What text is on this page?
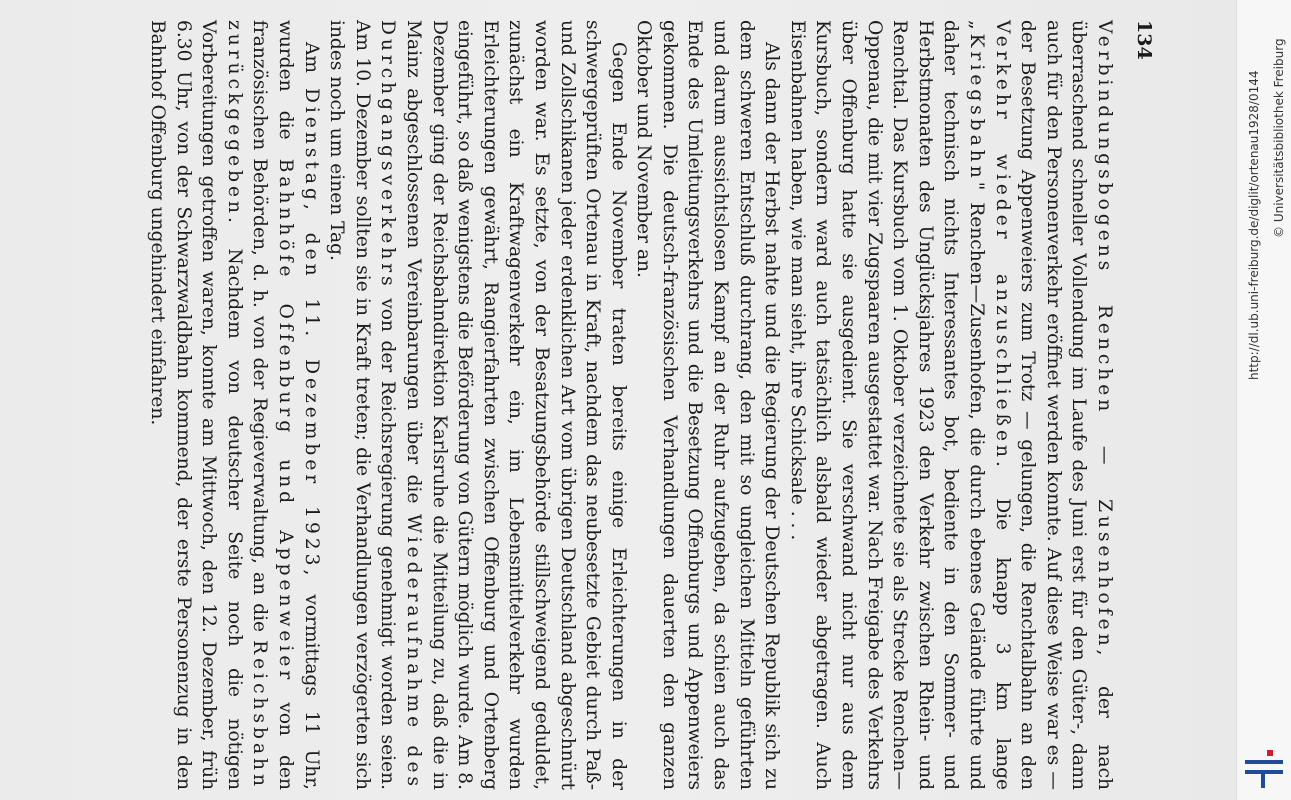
134

Verbindungsbogens Renchen — Zusenhofen, der nach überraschend schneller Vollendung im Laufe des Juni erst für den Güter-, dann auch für den Personenverkehr eröffnet werden konnte. Auf diese Weise war es — der Besetzung Appenweiers zum Trotz — gelungen, die Renchtalbahn an den Verkehr wieder anzuschließen. Die knapp 3 km lange „Kriegsbahn" Renchen—Zusenhofen, die durch ebenes Gelände führte und daher technisch nichts Interessantes bot, bediente in den Sommer- und Herbstmonaten des Unglücksjahres 1923 den Verkehr zwischen Rhein- und Renchtal. Das Kursbuch vom 1. Oktober verzeichnete sie als Strecke Renchen—Oppenau, die mit vier Zugspaaren ausgestattet war. Nach Freigabe des Verkehrs über Offenburg hatte sie ausgedient. Sie verschwand nicht nur aus dem Kursbuch, sondern ward auch tatsächlich alsbald wieder abgetragen. Auch Eisenbahnen haben, wie man sieht, ihre Schicksale . . .

Als dann der Herbst nahte und die Regierung der Deutschen Republik sich zu dem schweren Entschluß durchrang, den mit so ungleichen Mitteln geführten und darum aussichtslosen Kampf an der Ruhr aufzugeben, da schien auch das Ende des Umleitungsverkehrs und die Besetzung Offenburgs und Appenweiers gekommen. Die deutsch-französischen Verhandlungen dauerten den ganzen Oktober und November an.

Gegen Ende November traten bereits einige Erleichterungen in der schwergeprüften Ortenau in Kraft, nachdem das neubesetzte Gebiet durch Paß- und Zollschikanen jeder erdenklichen Art vom übrigen Deutschland abgeschnürt worden war. Es setzte, von der Besatzungsbehörde stillschweigend geduldet, zunächst ein Kraftwagenverkehr ein, im Lebensmittelverkehr wurden Erleichterungen gewährt, Rangierfahrten zwischen Offenburg und Ortenberg eingeführt, so daß wenigstens die Beförderung von Gütern möglich wurde. Am 8. Dezember ging der Reichsbahndirektion Karlsruhe die Mitteilung zu, daß die in Mainz abgeschlossenen Vereinbarungen über die Wiederaufnahme des Durchgangsverkehrs von der Reichsregierung genehmigt worden seien. Am 10. Dezember sollten sie in Kraft treten; die Verhandlungen verzögerten sich indes noch um einen Tag.

Am Dienstag, den 11. Dezember 1923, vormittags 11 Uhr, wurden die Bahnhöfe Offenburg und Appenweier von den französischen Behörden, d. h. von der Regieverwaltung, an die Reichsbahn zurückgegeben. Nachdem von deutscher Seite noch die nötigen Vorbereitungen getroffen waren, konnte am Mittwoch, den 12. Dezember, früh 6.30 Uhr, von der Schwarzwaldbahn kommend, der erste Personenzug in den Bahnhof Offenburg ungehindert einfahren.	http://dl.ub.uni-freiburg.de/diglit/ortenau1928/0144 © Universitätsbibliothek Freiburg
